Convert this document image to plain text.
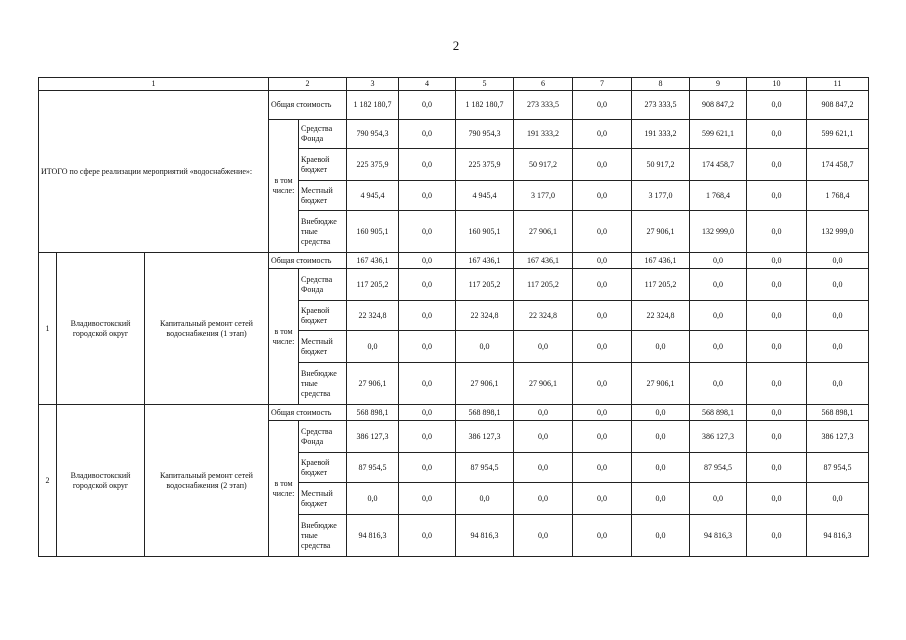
2
1			2		3	4	5	6	7	8	9	10	11
ИТОГО по сфере реализации мероприятий «водоснабжение»:			Общая стоимость		1 182 180,7	0,0	1 182 180,7	273 333,5	0,0	273 333,5	908 847,2	0,0	908 847,2
			в том числе:	Средства Фонда	790 954,3	0,0	790 954,3	191 333,2	0,0	191 333,2	599 621,1	0,0	599 621,1
				Краевой бюджет	225 375,9	0,0	225 375,9	50 917,2	0,0	50 917,2	174 458,7	0,0	174 458,7
				Местный бюджет	4 945,4	0,0	4 945,4	3 177,0	0,0	3 177,0	1 768,4	0,0	1 768,4
				Внебюдже тные средства	160 905,1	0,0	160 905,1	27 906,1	0,0	27 906,1	132 999,0	0,0	132 999,0
1	Владивостокский городской округ	Капитальный ремонт сетей водоснабжения (1 этап)	Общая стоимость		167 436,1	0,0	167 436,1	167 436,1	0,0	167 436,1	0,0	0,0	0,0
			в том числе:	Средства Фонда	117 205,2	0,0	117 205,2	117 205,2	0,0	117 205,2	0,0	0,0	0,0
				Краевой бюджет	22 324,8	0,0	22 324,8	22 324,8	0,0	22 324,8	0,0	0,0	0,0
				Местный бюджет	0,0	0,0	0,0	0,0	0,0	0,0	0,0	0,0	0,0
				Внебюдже тные средства	27 906,1	0,0	27 906,1	27 906,1	0,0	27 906,1	0,0	0,0	0,0
2	Владивостокский городской округ	Капитальный ремонт сетей водоснабжения (2 этап)	Общая стоимость		568 898,1	0,0	568 898,1	0,0	0,0	0,0	568 898,1	0,0	568 898,1
			в том числе:	Средства Фонда	386 127,3	0,0	386 127,3	0,0	0,0	0,0	386 127,3	0,0	386 127,3
				Краевой бюджет	87 954,5	0,0	87 954,5	0,0	0,0	0,0	87 954,5	0,0	87 954,5
				Местный бюджет	0,0	0,0	0,0	0,0	0,0	0,0	0,0	0,0	0,0
				Внебюдже тные средства	94 816,3	0,0	94 816,3	0,0	0,0	0,0	94 816,3	0,0	94 816,3
